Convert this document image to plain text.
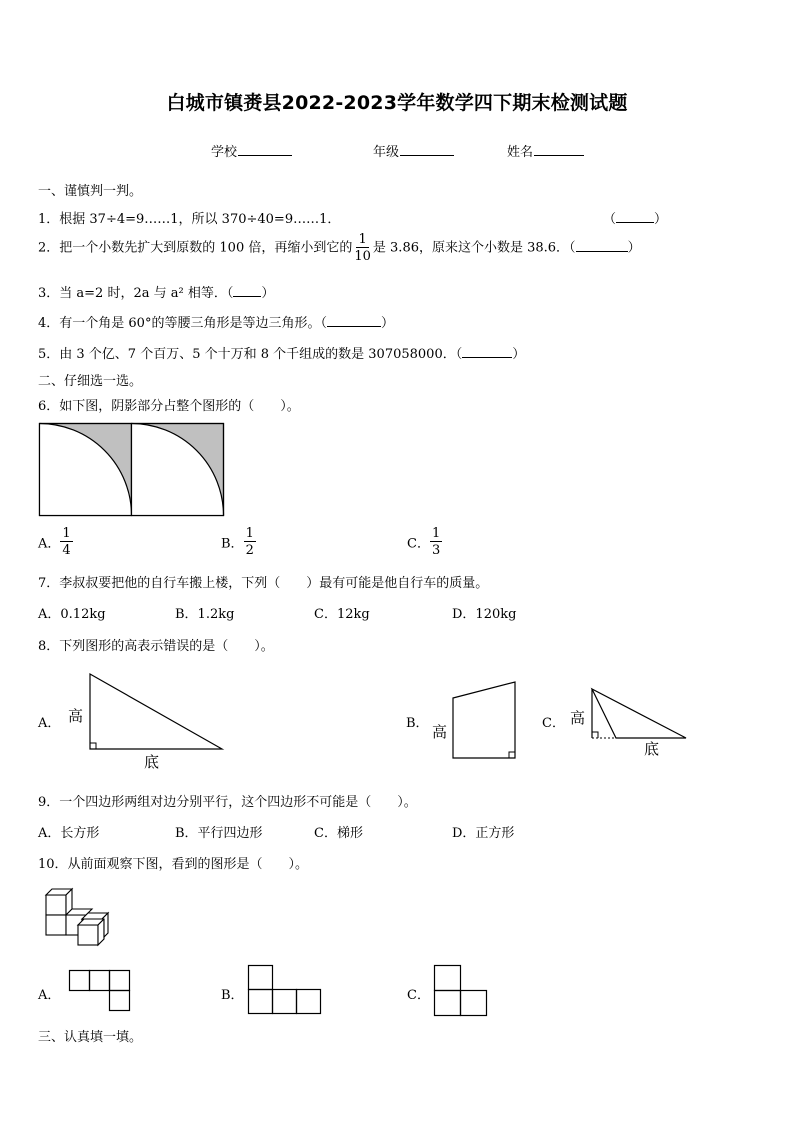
白城市镇赉县2022-2023学年数学四下期末检测试题
学校	年级	姓名
一、谨慎判一判。
1．根据 37÷4=9……1，所以 370÷40=9……1．	（	）
2．把一个小数先扩大到原数的 100 倍，再缩小到它的 $\frac{1}{10}$ 是 3.86，原来这个小数是 38.6．（	）
3．当 a=2 时，2a 与 a² 相等．（ ）
4．有一个角是 60°的等腰三角形是等边三角形。（	）
5．由 3 个亿、7 个百万、5 个十万和 8 个千组成的数是 307058000．（	）
二、仔细选一选。
6．如下图，阴影部分占整个图形的（　　）。
A． $\frac{1}{4}$	B． $\frac{1}{2}$	C． $\frac{1}{3}$
7．李叔叔要把他的自行车搬上楼，下列（　　）最有可能是他自行车的质量。
A．0.12kg	B．1.2kg	C．12kg	D．120kg
8．下列图形的高表示错误的是（　　）。
A． 高
底
B． 高	C． 高
底
9．一个四边形两组对边分别平行，这个四边形不可能是（　　）。
A．长方形	B．平行四边形	C．梯形	D．正方形
10．从前面观察下图，看到的图形是（　　）。
A．	B．	C．
三、认真填一填。
